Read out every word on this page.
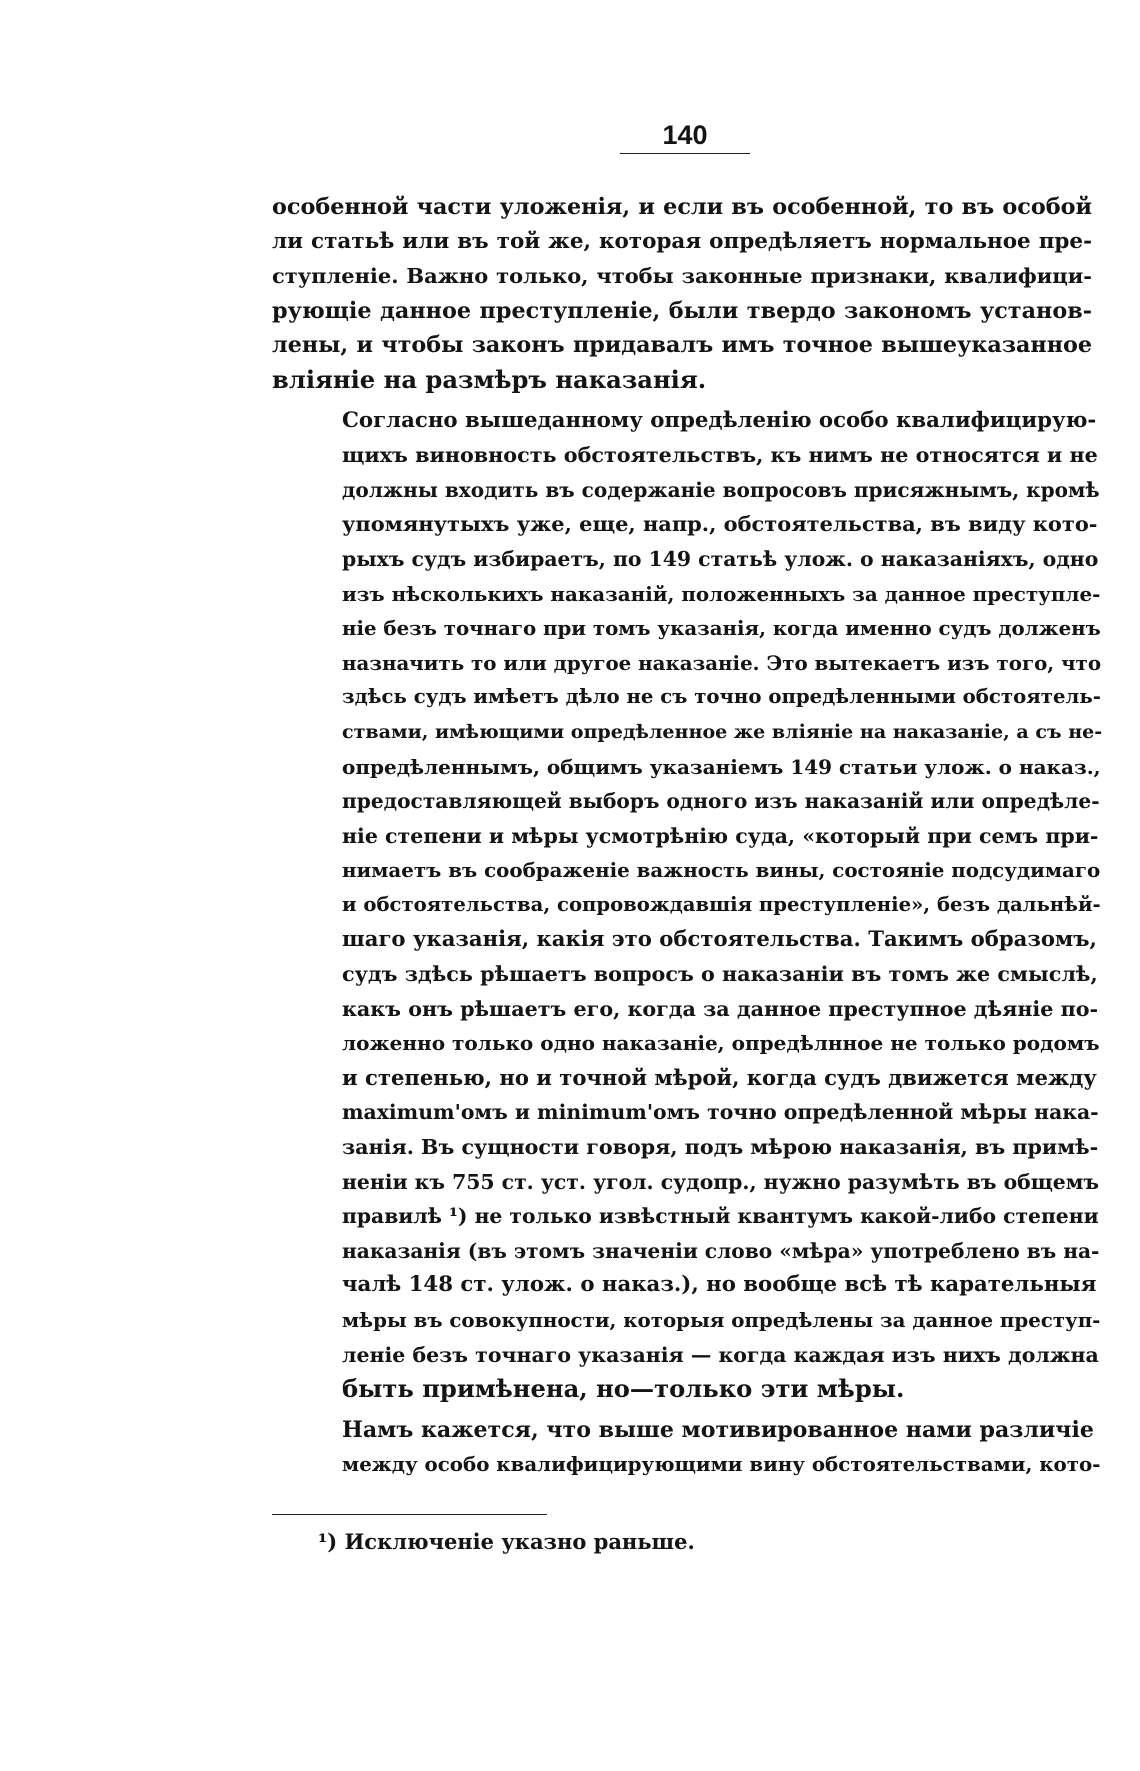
140

особенной части уложенія, и если въ особенной, то въ особой
ли статьѣ или въ той же, которая опредѣляетъ нормальное пре-
ступленіе. Важно только, чтобы законные признаки, квалифици-
рующіе данное преступленіе, были твердо закономъ установ-
лены, и чтобы законъ придавалъ имъ точное вышеуказанное
вліяніе на размѣръ наказанія.

Согласно вышеданному опредѣленію особо квалифицирую-
щихъ виновность обстоятельствъ, къ нимъ не относятся и не
должны входить въ содержаніе вопросовъ присяжнымъ, кромѣ
упомянутыхъ уже, еще, напр., обстоятельства, въ виду кото-
рыхъ судъ избираетъ, по 149 статьѣ улож. о наказаніяхъ, одно
изъ нѣсколькихъ наказаній, положенныхъ за данное преступле-
ніе безъ точнаго при томъ указанія, когда именно судъ долженъ
назначить то или другое наказаніе. Это вытекаетъ изъ того, что
здѣсь судъ имѣетъ дѣло не съ точно опредѣленными обстоятель-
ствами, имѣющими опредѣленное же вліяніе на наказаніе, а съ не-
опредѣленнымъ, общимъ указаніемъ 149 статьи улож. о наказ.,
предоставляющей выборъ одного изъ наказаній или опредѣле-
ніе степени и мѣры усмотрѣнію суда, «который при семъ при-
нимаетъ въ соображеніе важность вины, состояніе подсудимаго
и обстоятельства, сопровождавшія преступленіе», безъ дальнѣй-
шаго указанія, какія это обстоятельства. Такимъ образомъ,
судъ здѣсь рѣшаетъ вопросъ о наказаніи въ томъ же смыслѣ,
какъ онъ рѣшаетъ его, когда за данное преступное дѣяніе по-
ложенно только одно наказаніе, опредѣлнное не только родомъ
и степенью, но и точной мѣрой, когда судъ движется между
maximum'омъ и minimum'омъ точно опредѣленной мѣры нака-
занія. Въ сущности говоря, подъ мѣрою наказанія, въ примѣ-
неніи къ 755 ст. уст. угол. судопр., нужно разумѣть въ общемъ
правилѣ ¹) не только извѣстный квантумъ какой-либо степени
наказанія (въ этомъ значеніи слово «мѣра» употреблено въ на-
чалѣ 148 ст. улож. о наказ.), но вообще всѣ тѣ карательныя
мѣры въ совокупности, которыя опредѣлены за данное преступ-
леніе безъ точнаго указанія — когда каждая изъ нихъ должна
быть примѣнена, но—только эти мѣры.

Намъ кажется, что выше мотивированное нами различіе
между особо квалифицирующими вину обстоятельствами, кото-

¹) Исключеніе указно раньше.
